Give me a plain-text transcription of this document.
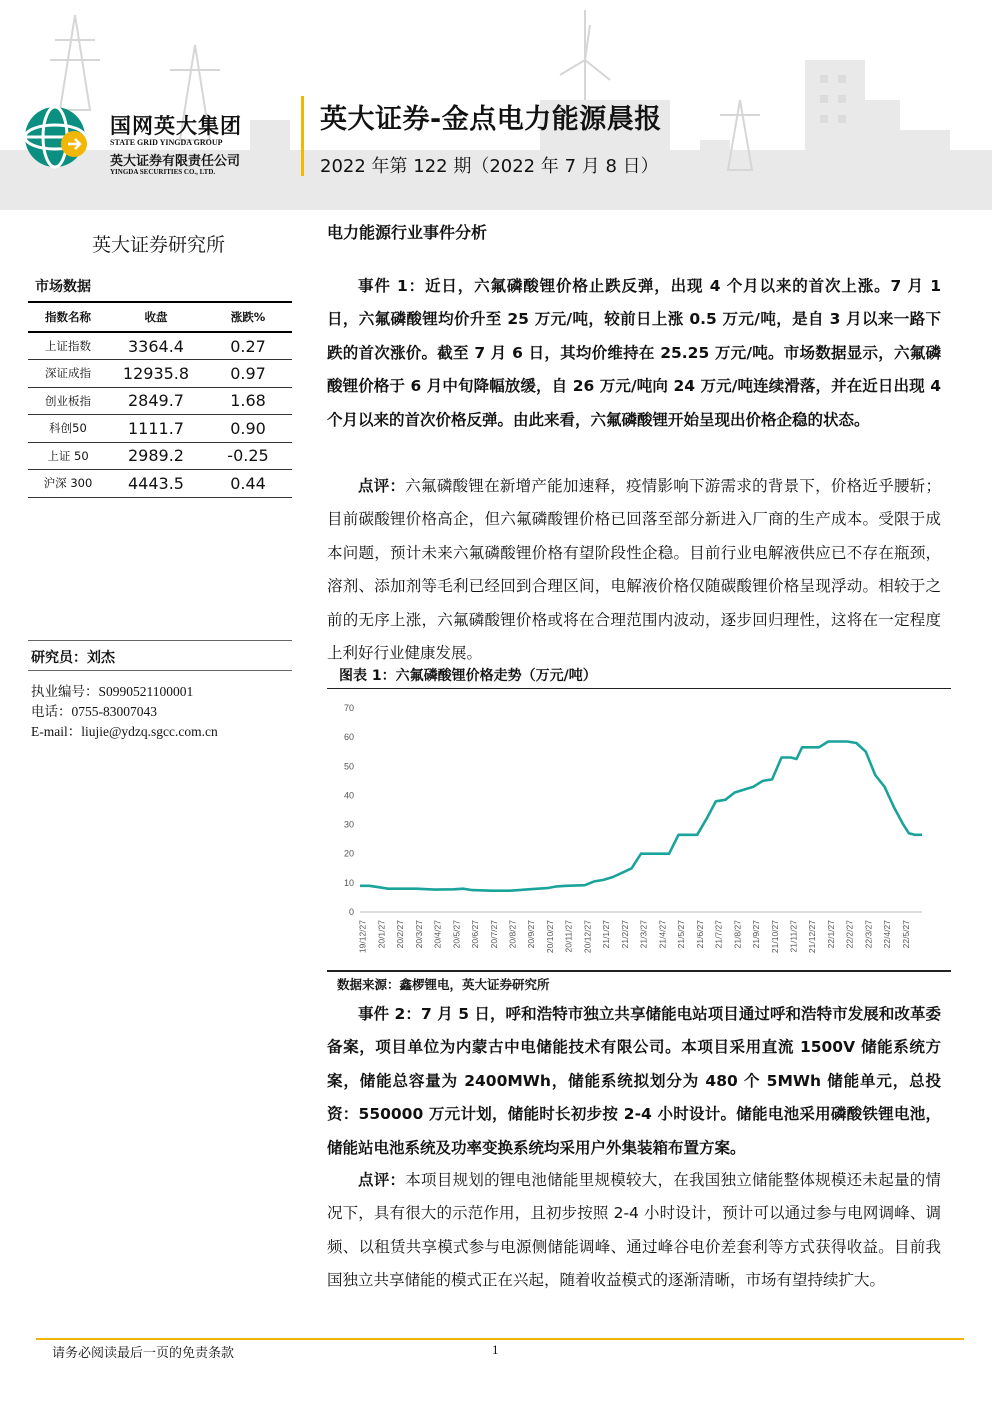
国网英大集团
STATE GRID YINGDA GROUP
英大证券有限责任公司
YINGDA SECURITIES CO., LTD.
英大证券-金点电力能源晨报
2022 年第 122 期（2022 年 7 月 8 日）
英大证券研究所
市场数据
指数名称	收盘	涨跌%
上证指数	3364.4	0.27
深证成指	12935.8	0.97
创业板指	2849.7	1.68
科创50	1111.7	0.90
上证 50	2989.2	-0.25
沪深 300	4443.5	0.44
研究员：刘杰
执业编号：S0990521100001
电话：0755-83007043
E-mail：liujie@ydzq.sgcc.com.cn
电力能源行业事件分析

事件 1：近日，六氟磷酸锂价格止跌反弹，出现 4 个月以来的首次上涨。7 月 1 日，六氟磷酸锂均价升至 25 万元/吨，较前日上涨 0.5 万元/吨，是自 3 月以来一路下跌的首次涨价。截至 7 月 6 日，其均价维持在 25.25 万元/吨。市场数据显示，六氟磷酸锂价格于 6 月中旬降幅放缓，自 26 万元/吨向 24 万元/吨连续滑落，并在近日出现 4 个月以来的首次价格反弹。由此来看，六氟磷酸锂开始呈现出价格企稳的状态。

点评：六氟磷酸锂在新增产能加速释，疫情影响下游需求的背景下，价格近乎腰斩；目前碳酸锂价格高企，但六氟磷酸锂价格已回落至部分新进入厂商的生产成本。受限于成本问题，预计未来六氟磷酸锂价格有望阶段性企稳。目前行业电解液供应已不存在瓶颈，溶剂、添加剂等毛利已经回到合理区间，电解液价格仅随碳酸锂价格呈现浮动。相较于之前的无序上涨，六氟磷酸锂价格或将在合理范围内波动，逐步回归理性，这将在一定程度上利好行业健康发展。

图表 1：六氟磷酸锂价格走势（万元/吨）
0
10
20
30
40
50
60
70
19/12/27 20/1/27 20/2/27 20/3/27 20/4/27 20/5/27 20/6/27 20/7/27 20/8/27 20/9/27 20/10/27 20/11/27 20/12/27 21/1/27 21/2/27 21/3/27 21/4/27 21/5/27 21/6/27 21/7/27 21/8/27 21/9/27 21/10/27 21/11/27 21/12/27 22/1/27 22/2/27 22/3/27 22/4/27 22/5/27
数据来源：鑫椤锂电，英大证券研究所

事件 2：7 月 5 日，呼和浩特市独立共享储能电站项目通过呼和浩特市发展和改革委备案，项目单位为内蒙古中电储能技术有限公司。本项目采用直流 1500V 储能系统方案，储能总容量为 2400MWh，储能系统拟划分为 480 个 5MWh 储能单元，总投资：550000 万元计划，储能时长初步按 2-4 小时设计。储能电池采用磷酸铁锂电池，储能站电池系统及功率变换系统均采用户外集装箱布置方案。

点评：本项目规划的锂电池储能里规模较大，在我国独立储能整体规模还未起量的情况下，具有很大的示范作用，且初步按照 2-4 小时设计，预计可以通过参与电网调峰、调频、以租赁共享模式参与电源侧储能调峰、通过峰谷电价差套利等方式获得收益。目前我国独立共享储能的模式正在兴起，随着收益模式的逐渐清晰，市场有望持续扩大。

请务必阅读最后一页的免责条款	1
